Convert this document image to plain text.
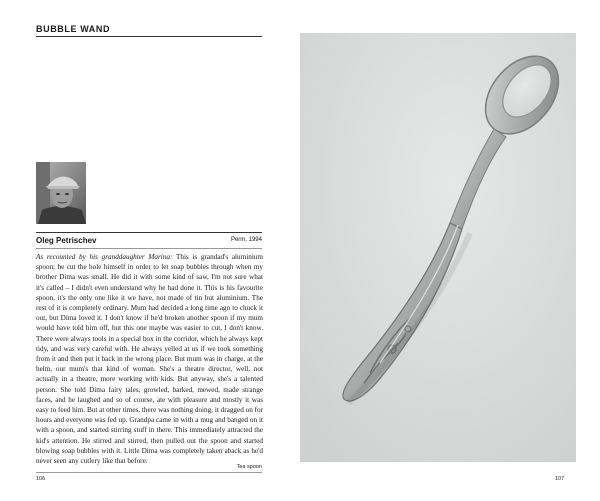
BUBBLE WAND

Oleg Petrischev	Perm, 1994

As recounted by his granddaughter Marina: This is grandad's aluminium spoon; he cut the hole himself in order to let soap bubbles through when my brother Dima was small. He did it with some kind of saw, I'm not sure what it's called – I didn't even understand why he had done it. This is his favourite spoon, it's the only one like it we have, not made of tin but aluminium. The rest of it is completely ordinary. Mum had decided a long time ago to chuck it out, but Dima loved it. I don't know if he'd broken another spoon if my mum would have told him off, but this one maybe was easier to cut, I don't know. There were always tools in a special box in the corridor, which he always kept tidy, and was very careful with. He always yelled at us if we took something from it and then put it back in the wrong place. But mum was in charge, at the helm, our mum's that kind of woman. She's a theatre director, well, not actually in a theatre, more working with kids. But anyway, she's a talented person. She told Dima fairy tales, growled, barked, mewed, made strange faces, and he laughed and so of course, ate with pleasure and mostly it was easy to feed him. But at other times, there was nothing doing, it dragged on for hours and everyone was fed up. Grandpa came in with a mug and banged on it with a spoon, and started stirring stuff in there. This immediately attracted the kid's attention. He stirred and stirred, then pulled out the spoon and started blowing soap bubbles with it. Little Dima was completely taken aback as he'd never seen any cutlery like that before.

Tea spoon

106	107
